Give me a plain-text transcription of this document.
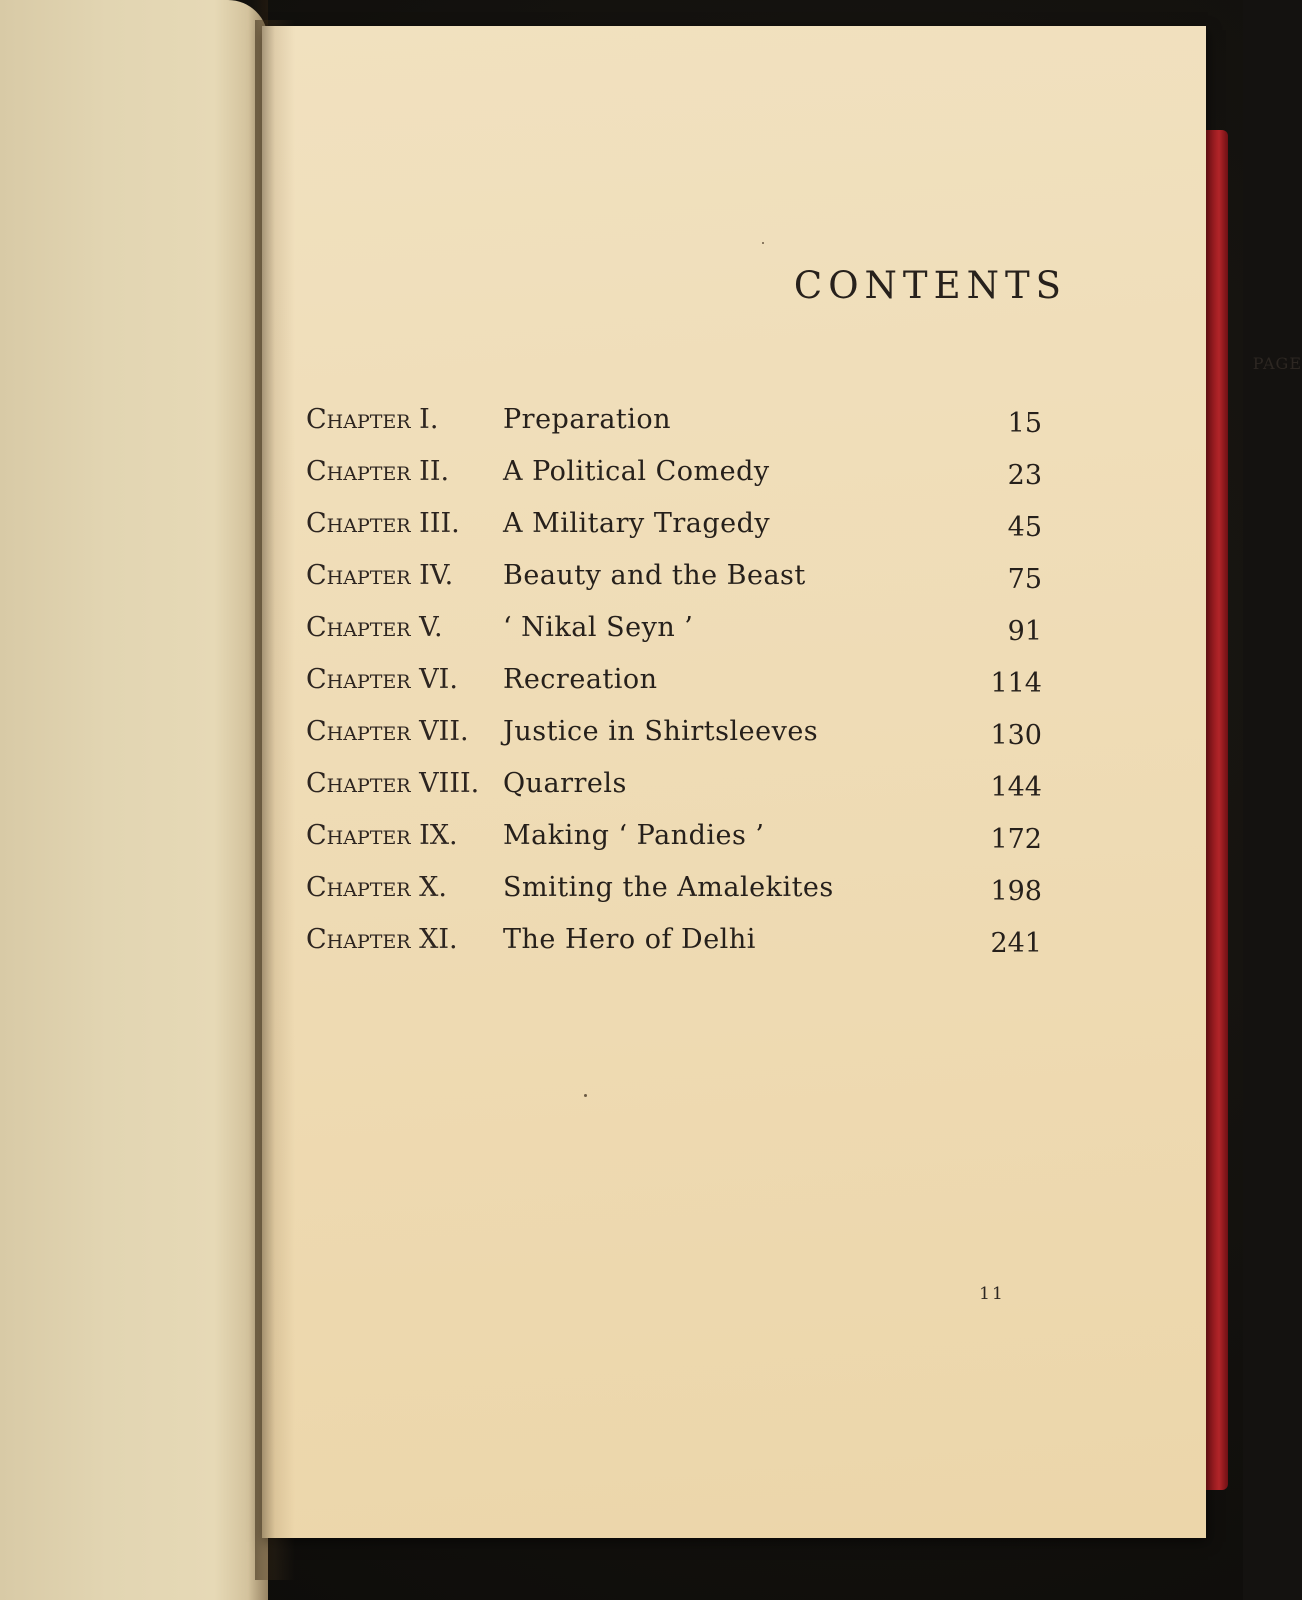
CONTENTS
PAGE
Chapter I. Preparation	15
Chapter II. A Political Comedy	23
Chapter III. A Military Tragedy	45
Chapter IV. Beauty and the Beast	75
Chapter V. ‘ Nikal Seyn ’	91
Chapter VI. Recreation	114
Chapter VII. Justice in Shirtsleeves	130
Chapter VIII. Quarrels	144
Chapter IX. Making ‘ Pandies ’	172
Chapter X. Smiting the Amalekites	198
Chapter XI. The Hero of Delhi	241
11
